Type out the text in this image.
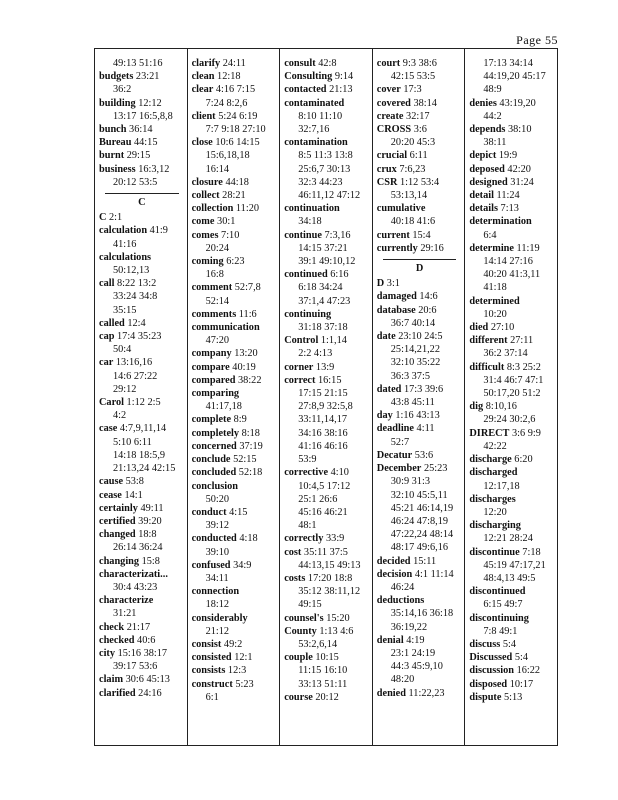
Page 55
49:13 51:16
budgets 23:21
36:2
building 12:12
13:17 16:5,8,8
bunch 36:14
Bureau 44:15
burnt 29:15
business 16:3,12
20:12 53:5
C
C 2:1
calculation 41:9
41:16
calculations
50:12,13
call 8:22 13:2
33:24 34:8
35:15
called 12:4
cap 17:4 35:23
50:4
car 13:16,16
14:6 27:22
29:12
Carol 1:12 2:5
4:2
case 4:7,9,11,14
5:10 6:11
14:18 18:5,9
21:13,24 42:15
cause 53:8
cease 14:1
certainly 49:11
certified 39:20
changed 18:8
26:14 36:24
changing 15:8
characterizati...
30:4 43:23
characterize
31:21
check 21:17
checked 40:6
city 15:16 38:17
39:17 53:6
claim 30:6 45:13
clarified 24:16
clarify 24:11
clean 12:18
clear 4:16 7:15
7:24 8:2,6
client 5:24 6:19
7:7 9:18 27:10
close 10:6 14:15
15:6,18,18
16:14
closure 44:18
collect 28:21
collection 11:20
come 30:1
comes 7:10
20:24
coming 6:23
16:8
comment 52:7,8
52:14
comments 11:6
communication
47:20
company 13:20
compare 40:19
compared 38:22
comparing
41:17,18
complete 8:9
completely 8:18
concerned 37:19
conclude 52:15
concluded 52:18
conclusion
50:20
conduct 4:15
39:12
conducted 4:18
39:10
confused 34:9
34:11
connection
18:12
considerably
21:12
consist 49:2
consisted 12:1
consists 12:3
construct 5:23
6:1
consult 42:8
Consulting 9:14
contacted 21:13
contaminated
8:10 11:10
32:7,16
contamination
8:5 11:3 13:8
25:6,7 30:13
32:3 44:23
46:11,12 47:12
continuation
34:18
continue 7:3,16
14:15 37:21
39:1 49:10,12
continued 6:16
6:18 34:24
37:1,4 47:23
continuing
31:18 37:18
Control 1:1,14
2:2 4:13
corner 13:9
correct 16:15
17:15 21:15
27:8,9 32:5,8
33:11,14,17
34:16 38:16
41:16 46:16
53:9
corrective 4:10
10:4,5 17:12
25:1 26:6
45:16 46:21
48:1
correctly 33:9
cost 35:11 37:5
44:13,15 49:13
costs 17:20 18:8
35:12 38:11,12
49:15
counsel's 15:20
County 1:13 4:6
53:2,6,14
couple 10:15
11:15 16:10
33:13 51:11
course 20:12
court 9:3 38:6
42:15 53:5
cover 17:3
covered 38:14
create 32:17
CROSS 3:6
20:20 45:3
crucial 6:11
crux 7:6,23
CSR 1:12 53:4
53:13,14
cumulative
40:18 41:6
current 15:4
currently 29:16
D
D 3:1
damaged 14:6
database 20:6
36:7 40:14
date 23:10 24:5
25:14,21,22
32:10 35:22
36:3 37:5
dated 17:3 39:6
43:8 45:11
day 1:16 43:13
deadline 4:11
52:7
Decatur 53:6
December 25:23
30:9 31:3
32:10 45:5,11
45:21 46:14,19
46:24 47:8,19
47:22,24 48:14
48:17 49:6,16
decided 15:11
decision 4:1 11:14
46:24
deductions
35:14,16 36:18
36:19,22
denial 4:19
23:1 24:19
44:3 45:9,10
48:20
denied 11:22,23
17:13 34:14
44:19,20 45:17
48:9
denies 43:19,20
44:2
depends 38:10
38:11
depict 19:9
deposed 42:20
designed 31:24
detail 11:24
details 7:13
determination
6:4
determine 11:19
14:14 27:16
40:20 41:3,11
41:18
determined
10:20
died 27:10
different 27:11
36:2 37:14
difficult 8:3 25:2
31:4 46:7 47:1
50:17,20 51:2
dig 8:10,16
29:24 30:2,6
DIRECT 3:6 9:9
42:22
discharge 6:20
discharged
12:17,18
discharges
12:20
discharging
12:21 28:24
discontinue 7:18
45:19 47:17,21
48:4,13 49:5
discontinued
6:15 49:7
discontinuing
7:8 49:1
discuss 5:4
Discussed 5:4
discussion 16:22
disposed 10:17
dispute 5:13
